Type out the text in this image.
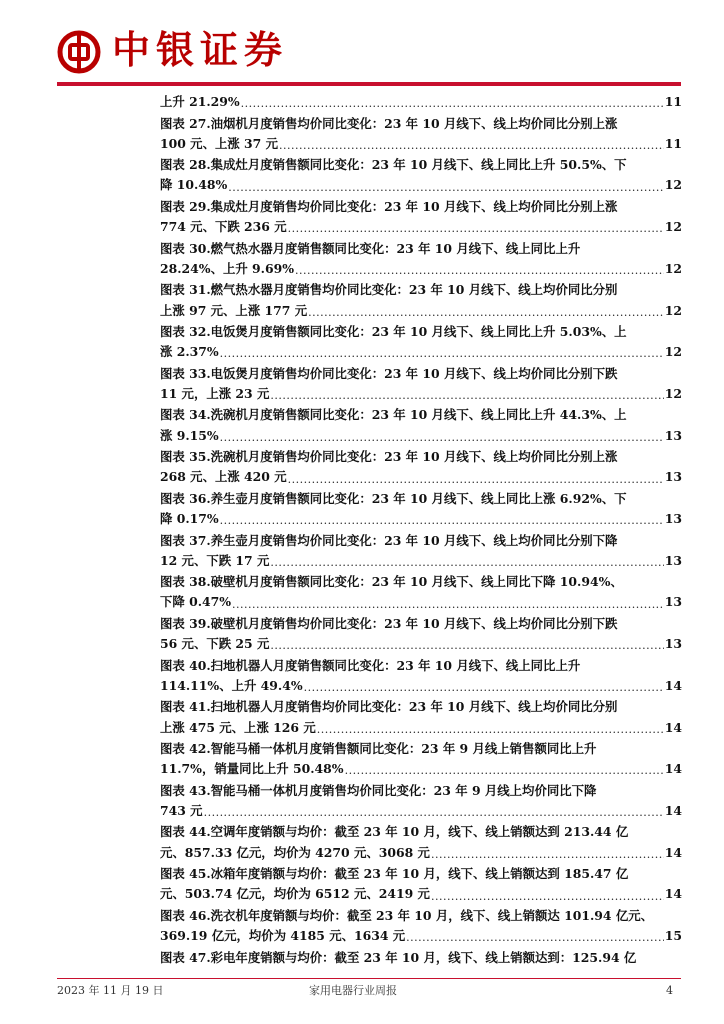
中银证券
上升 21.29% .....	11
图表 27.油烟机月度销售均价同比变化：23 年 10 月线下、线上均价同比分别上涨
100 元、上涨 37 元 .....	11
图表 28.集成灶月度销售额同比变化：23 年 10 月线下、线上同比上升 50.5%、下
降 10.48% .....	12
图表 29.集成灶月度销售均价同比变化：23 年 10 月线下、线上均价同比分别上涨
774 元、下跌 236 元 .....	12
图表 30.燃气热水器月度销售额同比变化：23 年 10 月线下、线上同比上升
28.24%、上升 9.69% .....	12
图表 31.燃气热水器月度销售均价同比变化：23 年 10 月线下、线上均价同比分别
上涨 97 元、上涨 177 元 .....	12
图表 32.电饭煲月度销售额同比变化：23 年 10 月线下、线上同比上升 5.03%、上
涨 2.37% .....	12
图表 33.电饭煲月度销售均价同比变化：23 年 10 月线下、线上均价同比分别下跌
11 元，上涨 23 元 .....	12
图表 34.洗碗机月度销售额同比变化：23 年 10 月线下、线上同比上升 44.3%、上
涨 9.15% .....	13
图表 35.洗碗机月度销售均价同比变化：23 年 10 月线下、线上均价同比分别上涨
268 元、上涨 420 元 .....	13
图表 36.养生壶月度销售额同比变化：23 年 10 月线下、线上同比上涨 6.92%、下
降 0.17% .....	13
图表 37.养生壶月度销售均价同比变化：23 年 10 月线下、线上均价同比分别下降
12 元、下跌 17 元 .....	13
图表 38.破壁机月度销售额同比变化：23 年 10 月线下、线上同比下降 10.94%、
下降 0.47% .....	13
图表 39.破壁机月度销售均价同比变化：23 年 10 月线下、线上均价同比分别下跌
56 元、下跌 25 元 .....	13
图表 40.扫地机器人月度销售额同比变化：23 年 10 月线下、线上同比上升
114.11%、上升 49.4% .....	14
图表 41.扫地机器人月度销售均价同比变化：23 年 10 月线下、线上均价同比分别
上涨 475 元、上涨 126 元 .....	14
图表 42.智能马桶一体机月度销售额同比变化：23 年 9 月线上销售额同比上升
11.7%，销量同比上升 50.48% .....	14
图表 43.智能马桶一体机月度销售均价同比变化：23 年 9 月线上均价同比下降
743 元 .....	14
图表 44.空调年度销额与均价：截至 23 年 10 月，线下、线上销额达到 213.44 亿
元、857.33 亿元，均价为 4270 元、3068 元 .....	14
图表 45.冰箱年度销额与均价：截至 23 年 10 月，线下、线上销额达到 185.47 亿
元、503.74 亿元，均价为 6512 元、2419 元 .....	14
图表 46.洗衣机年度销额与均价：截至 23 年 10 月，线下、线上销额达 101.94 亿元、
369.19 亿元，均价为 4185 元、1634 元 .....	15
图表 47.彩电年度销额与均价：截至 23 年 10 月，线下、线上销额达到：125.94 亿
2023 年 11 月 19 日	家用电器行业周报	4
